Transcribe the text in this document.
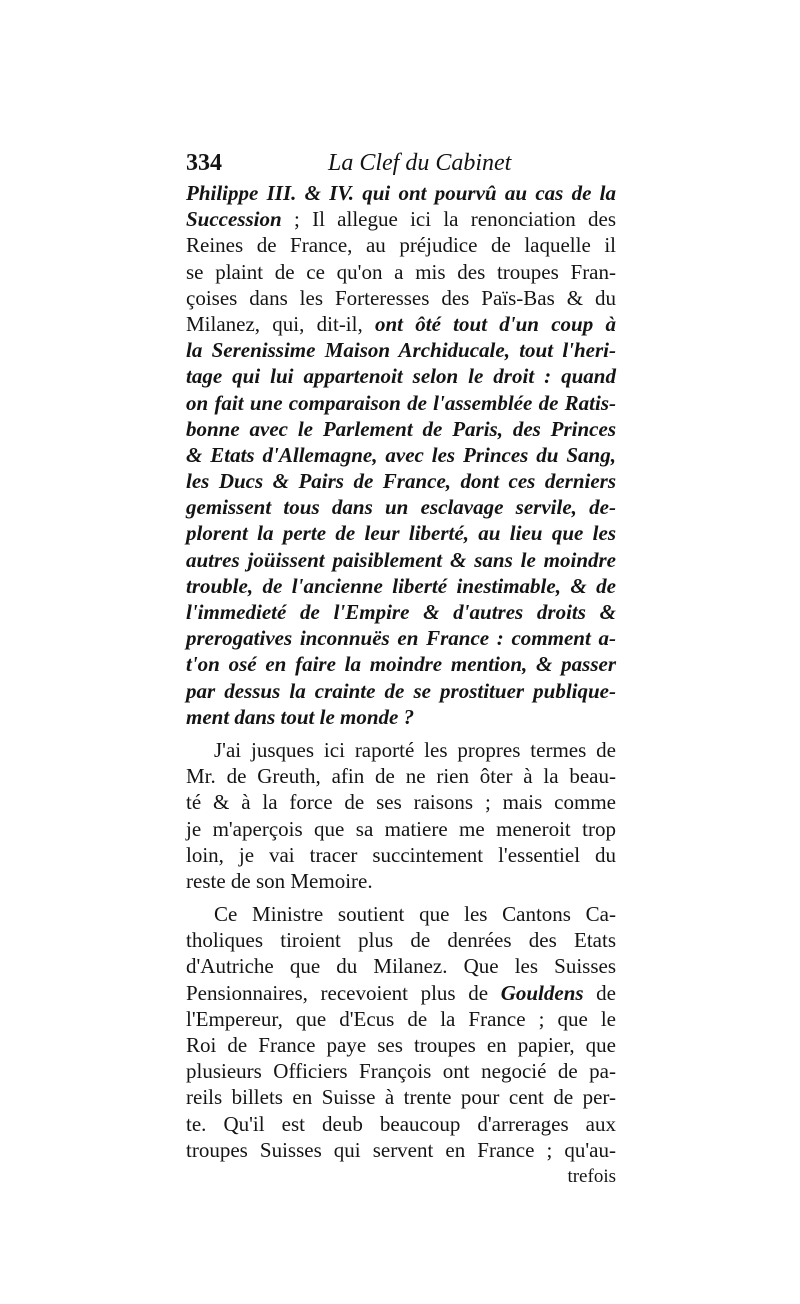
334	La Clef du Cabinet
Philippe III. & IV. qui ont pourvû au cas de la
Succession ; Il allegue ici la renonciation des
Reines de France, au préjudice de laquelle il
se plaint de ce qu'on a mis des troupes Fran-
çoises dans les Forteresses des Païs-Bas & du
Milanez, qui, dit-il, ont ôté tout d'un coup à
la Serenissime Maison Archiducale, tout l'heri-
tage qui lui appartenoit selon le droit : quand
on fait une comparaison de l'assemblée de Ratis-
bonne avec le Parlement de Paris, des Princes
& Etats d'Allemagne, avec les Princes du Sang,
les Ducs & Pairs de France, dont ces derniers
gemissent tous dans un esclavage servile, de-
plorent la perte de leur liberté, au lieu que les
autres joüissent paisiblement & sans le moindre
trouble, de l'ancienne liberté inestimable, & de
l'immedieté de l'Empire & d'autres droits &
prerogatives inconnuës en France : comment a-
t'on osé en faire la moindre mention, & passer
par dessus la crainte de se prostituer publique-
ment dans tout le monde ?
J'ai jusques ici raporté les propres termes de
Mr. de Greuth, afin de ne rien ôter à la beau-
té & à la force de ses raisons ; mais comme
je m'aperçois que sa matiere me meneroit trop
loin, je vai tracer succintement l'essentiel du
reste de son Memoire.
Ce Ministre soutient que les Cantons Ca-
tholiques tiroient plus de denrées des Etats
d'Autriche que du Milanez. Que les Suisses
Pensionnaires, recevoient plus de Gouldens de
l'Empereur, que d'Ecus de la France ; que le
Roi de France paye ses troupes en papier, que
plusieurs Officiers François ont negocié de pa-
reils billets en Suisse à trente pour cent de per-
te. Qu'il est deub beaucoup d'arrerages aux
troupes Suisses qui servent en France ; qu'au-
trefois
